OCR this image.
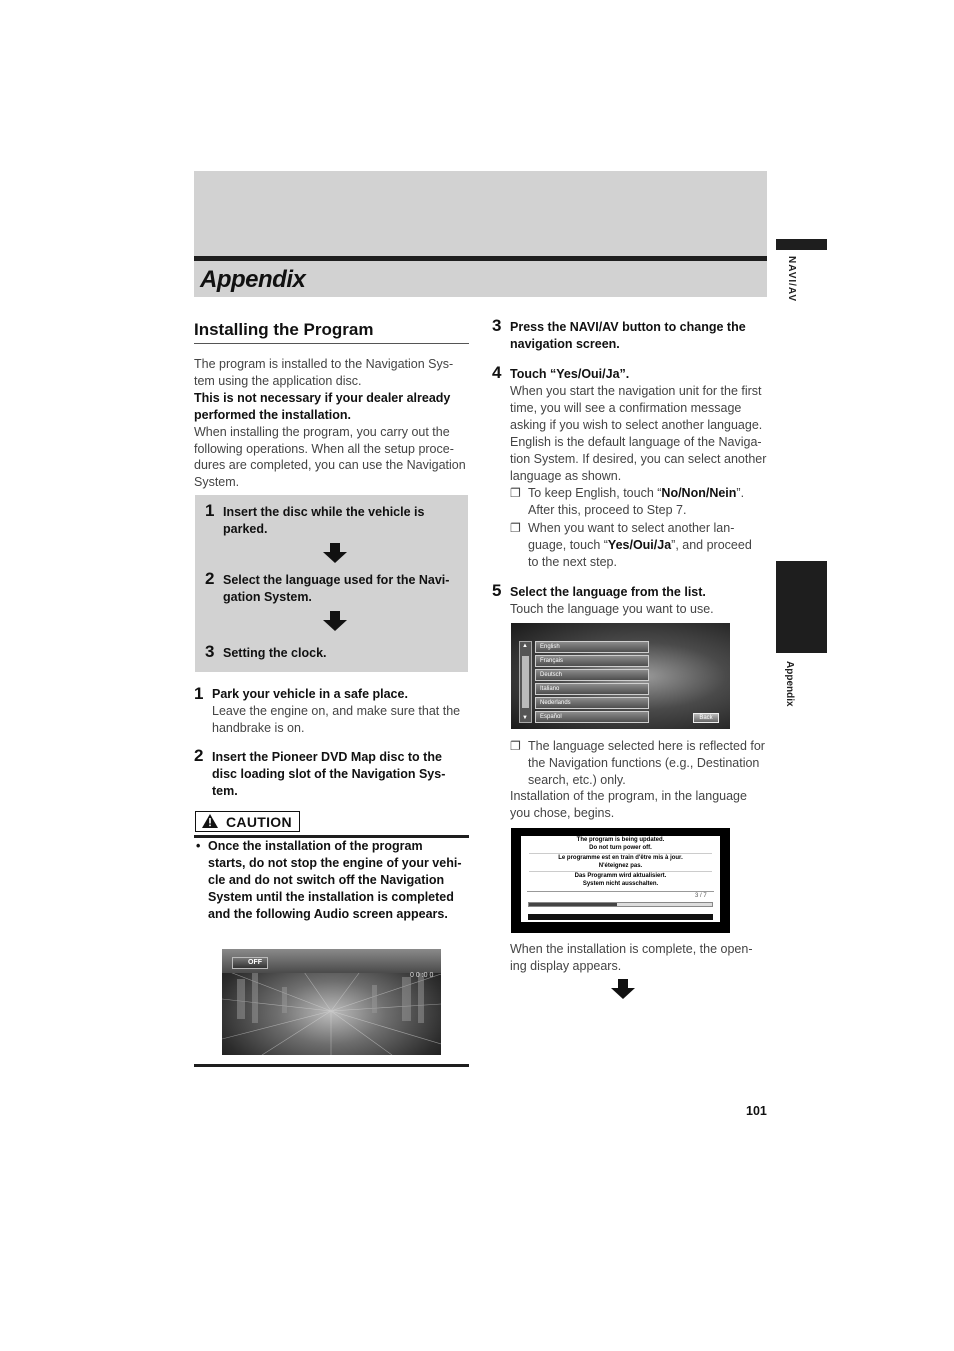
Appendix	NAVI/AV
Appendix
Installing the Program
The program is installed to the Navigation Sys-
tem using the application disc.
This is not necessary if your dealer already
performed the installation.
When installing the program, you carry out the
following operations. When all the setup proce-
dures are completed, you can use the Navigation
System.
1 Insert the disc while the vehicle is
parked.
2 Select the language used for the Navi-
gation System.
3 Setting the clock.
1 Park your vehicle in a safe place.
Leave the engine on, and make sure that the
handbrake is on.
2 Insert the Pioneer DVD Map disc to the
disc loading slot of the Navigation Sys-
tem.
CAUTION
• Once the installation of the program
starts, do not stop the engine of your vehi-
cle and do not switch off the Navigation
System until the installation is completed
and the following Audio screen appears.
OFF
0 0 :0 0
3 Press the NAVI/AV button to change the
navigation screen.
4 Touch “Yes/Oui/Ja”.
When you start the navigation unit for the first
time, you will see a confirmation message
asking if you wish to select another language.
English is the default language of the Naviga-
tion System. If desired, you can select another
language as shown.
❐ To keep English, touch “No/Non/Nein”.
After this, proceed to Step 7.
❐ When you want to select another lan-
guage, touch “Yes/Oui/Ja”, and proceed
to the next step.
5 Select the language from the list.
Touch the language you want to use.
▲
▼
English
Français
Deutsch
Italiano
Nederlands
Español	Back
❐ The language selected here is reflected for
the Navigation functions (e.g., Destination
search, etc.) only.
Installation of the program, in the language
you chose, begins.
The program is being updated.
Do not turn power off.
Le programme est en train d'être mis à jour.
N'éteignez pas.
Das Programm wird aktualisiert.
System nicht ausschalten.
3 / 7
When the installation is complete, the open-
ing display appears.
101
